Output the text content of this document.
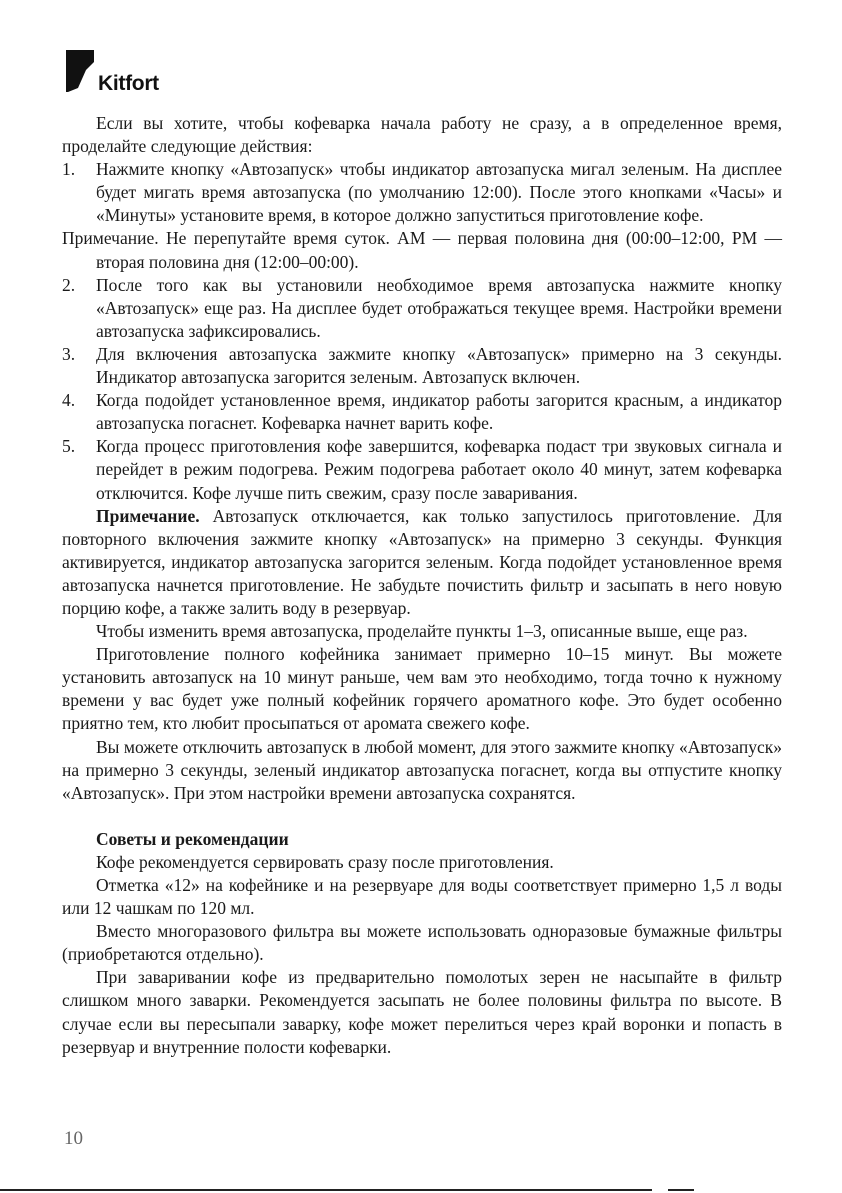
Kitfort

Если вы хотите, чтобы кофеварка начала работу не сразу, а в определенное время, проделайте следующие действия:

1. Нажмите кнопку «Автозапуск» чтобы индикатор автозапуска мигал зеленым. На дисплее будет мигать время автозапуска (по умолчанию 12:00). После этого кнопками «Часы» и «Минуты» установите время, в которое должно запуститься приготовление кофе.

Примечание. Не перепутайте время суток. АМ — первая половина дня (00:00–12:00, РМ — вторая половина дня (12:00–00:00).

2. После того как вы установили необходимое время автозапуска нажмите кнопку «Автозапуск» еще раз. На дисплее будет отображаться текущее время. Настройки времени автозапуска зафиксировались.
3. Для включения автозапуска зажмите кнопку «Автозапуск» примерно на 3 секунды. Индикатор автозапуска загорится зеленым. Автозапуск включен.
4. Когда подойдет установленное время, индикатор работы загорится красным, а индикатор автозапуска погаснет. Кофеварка начнет варить кофе.
5. Когда процесс приготовления кофе завершится, кофеварка подаст три звуковых сигнала и перейдет в режим подогрева. Режим подогрева работает около 40 минут, затем кофеварка отключится. Кофе лучше пить свежим, сразу после заваривания.

Примечание. Автозапуск отключается, как только запустилось приготовление. Для повторного включения зажмите кнопку «Автозапуск» на примерно 3 секунды. Функция активируется, индикатор автозапуска загорится зеленым. Когда подойдет установленное время автозапуска начнется приготовление. Не забудьте почистить фильтр и засыпать в него новую порцию кофе, а также залить воду в резервуар.

Чтобы изменить время автозапуска, проделайте пункты 1–3, описанные выше, еще раз.

Приготовление полного кофейника занимает примерно 10–15 минут. Вы можете установить автозапуск на 10 минут раньше, чем вам это необходимо, тогда точно к нужному времени у вас будет уже полный кофейник горячего ароматного кофе. Это будет особенно приятно тем, кто любит просыпаться от аромата свежего кофе.

Вы можете отключить автозапуск в любой момент, для этого зажмите кнопку «Автозапуск» на примерно 3 секунды, зеленый индикатор автозапуска погаснет, когда вы отпустите кнопку «Автозапуск». При этом настройки времени автозапуска сохранятся.

Советы и рекомендации

Кофе рекомендуется сервировать сразу после приготовления.

Отметка «12» на кофейнике и на резервуаре для воды соответствует примерно 1,5 л воды или 12 чашкам по 120 мл.

Вместо многоразового фильтра вы можете использовать одноразовые бумажные фильтры (приобретаются отдельно).

При заваривании кофе из предварительно помолотых зерен не насыпайте в фильтр слишком много заварки. Рекомендуется засыпать не более половины фильтра по высоте. В случае если вы пересыпали заварку, кофе может перелиться через край воронки и попасть в резервуар и внутренние полости кофеварки.

10
